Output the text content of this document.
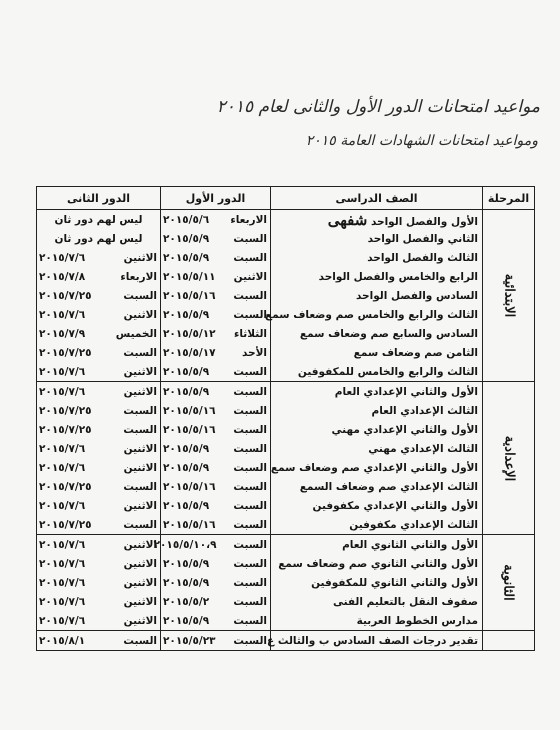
مواعيد امتحانات الدور الأول والثانى لعام ٢٠١٥
ومواعيد امتحانات الشهادات العامة ٢٠١٥
المرحلة	الصف الدراسى	الدور الأول		الدور الثانى	
الابتدائية	الأول والفصل الواحد شفهى	الاربعاء	٢٠١٥/٥/٦	ليس لهم دور ثان	
	الثاني والفصل الواحد	السبت	٢٠١٥/٥/٩	ليس لهم دور ثان	
	الثالث والفصل الواحد	السبت	٢٠١٥/٥/٩	الاثنين	٢٠١٥/٧/٦
	الرابع والخامس والفصل الواحد	الاثنين	٢٠١٥/٥/١١	الاربعاء	٢٠١٥/٧/٨
	السادس والفصل الواحد	السبت	٢٠١٥/٥/١٦	السبت	٢٠١٥/٧/٢٥
	الثالث والرابع والخامس صم وضعاف سمع	السبت	٢٠١٥/٥/٩	الاثنين	٢٠١٥/٧/٦
	السادس والسابع صم وضعاف سمع	الثلاثاء	٢٠١٥/٥/١٢	الخميس	٢٠١٥/٧/٩
	الثامن صم وضعاف سمع	الأحد	٢٠١٥/٥/١٧	السبت	٢٠١٥/٧/٢٥
	الثالث والرابع والخامس للمكفوفين	السبت	٢٠١٥/٥/٩	الاثنين	٢٠١٥/٧/٦
الإعدادية	الأول والثاني الإعدادي العام	السبت	٢٠١٥/٥/٩	الاثنين	٢٠١٥/٧/٦
	الثالث الإعدادي العام	السبت	٢٠١٥/٥/١٦	السبت	٢٠١٥/٧/٢٥
	الأول والثاني الإعدادي مهني	السبت	٢٠١٥/٥/١٦	السبت	٢٠١٥/٧/٢٥
	الثالث الإعدادي مهني	السبت	٢٠١٥/٥/٩	الاثنين	٢٠١٥/٧/٦
	الأول والثاني الإعدادي صم وضعاف سمع	السبت	٢٠١٥/٥/٩	الاثنين	٢٠١٥/٧/٦
	الثالث الإعدادي صم وضعاف السمع	السبت	٢٠١٥/٥/١٦	السبت	٢٠١٥/٧/٢٥
	الأول والثاني الإعدادي مكفوفين	السبت	٢٠١٥/٥/٩	الاثنين	٢٠١٥/٧/٦
	الثالث الإعدادي مكفوفين	السبت	٢٠١٥/٥/١٦	السبت	٢٠١٥/٧/٢٥
الثانوية	الأول والثاني الثانوي العام	السبت	٢٠١٥/٥/١٠،٩	الاثنين	٢٠١٥/٧/٦
	الأول والثاني الثانوي صم وضعاف سمع	السبت	٢٠١٥/٥/٩	الاثنين	٢٠١٥/٧/٦
	الأول والثاني الثانوي للمكفوفين	السبت	٢٠١٥/٥/٩	الاثنين	٢٠١٥/٧/٦
	صفوف النقل بالتعليم الفنى	السبت	٢٠١٥/٥/٢	الاثنين	٢٠١٥/٧/٦
	مدارس الخطوط العربية	السبت	٢٠١٥/٥/٩	الاثنين	٢٠١٥/٧/٦
	تقدير درجات الصف السادس ب والثالث ع	السبت	٢٠١٥/٥/٢٣	السبت	٢٠١٥/٨/١
